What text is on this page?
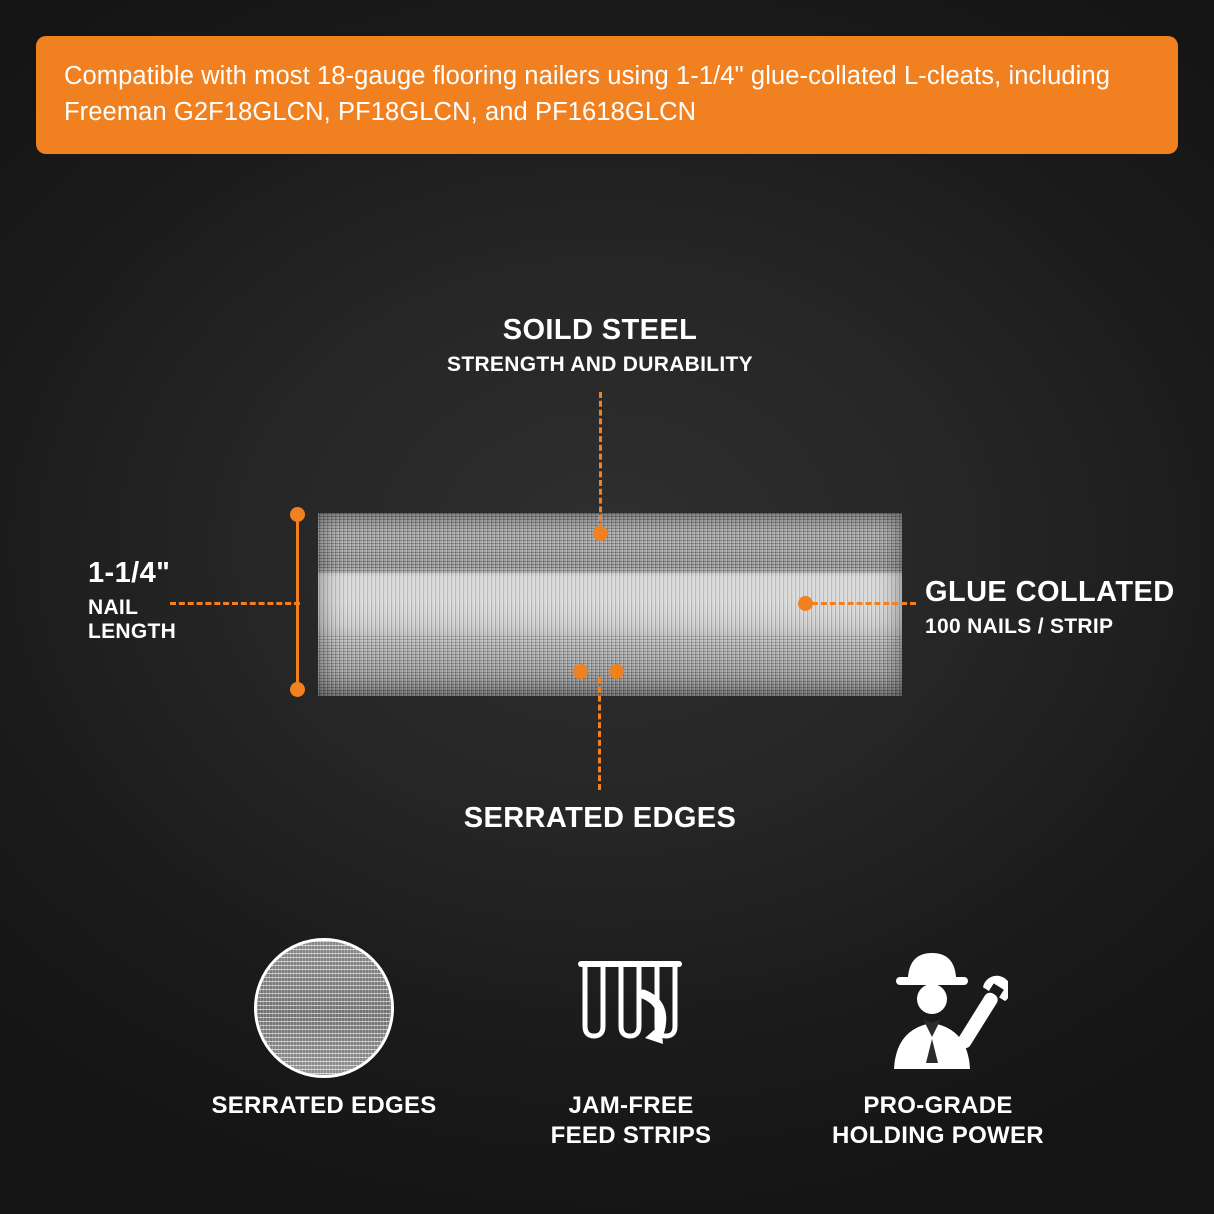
Compatible with most 18-gauge flooring nailers using 1-1/4" glue-collated L-cleats, including Freeman G2F18GLCN, PF18GLCN, and PF1618GLCN
SOILD STEEL
STRENGTH AND DURABILITY
1-1/4"
NAIL
LENGTH
GLUE COLLATED
100 NAILS / STRIP
SERRATED EDGES
SERRATED EDGES	JAM-FREE
FEED STRIPS
PRO-GRADE
HOLDING POWER
